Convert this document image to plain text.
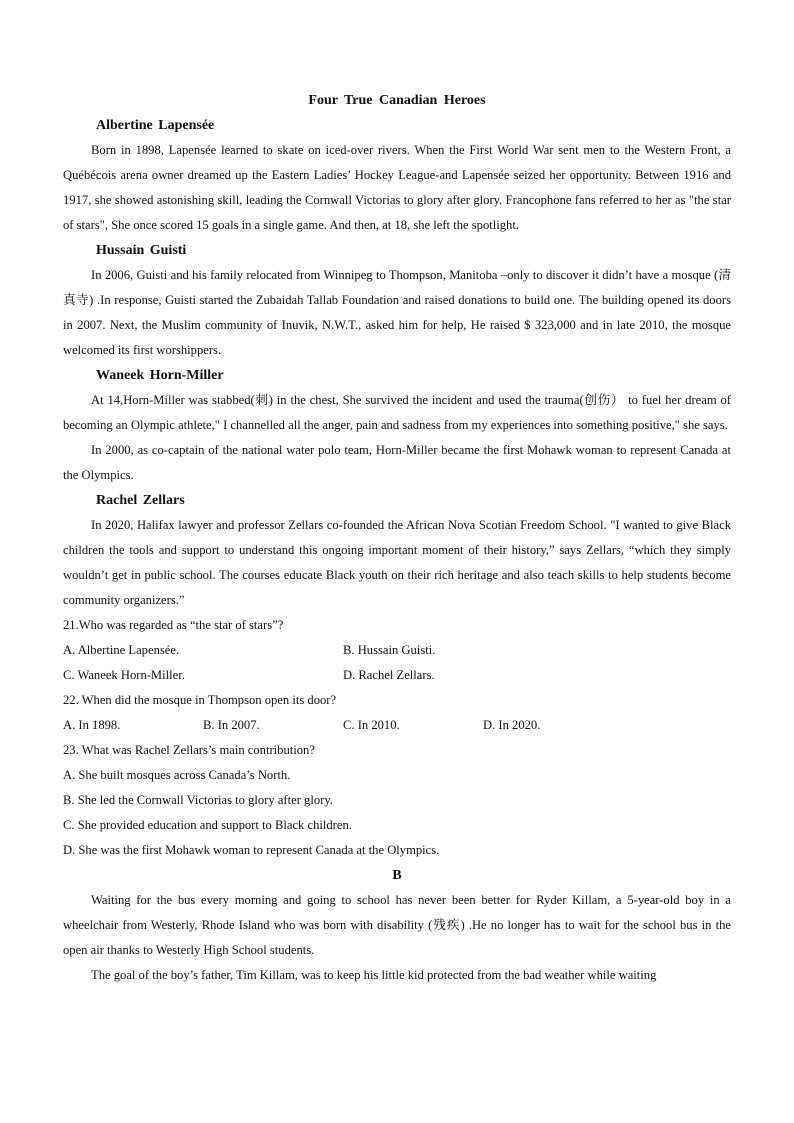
Four True Canadian Heroes
Albertine Lapensée
Born in 1898, Lapensée learned to skate on iced-over rivers. When the First World War sent men to the Western Front, a Québécois arena owner dreamed up the Eastern Ladies’ Hockey League-and Lapensée seized her opportunity. Between 1916 and 1917, she showed astonishing skill, leading the Cornwall Victorias to glory after glory. Francophone fans referred to her as "the star of stars", She once scored 15 goals in a single game. And then, at 18, she left the spotlight.
Hussain Guisti
In 2006, Guisti and his family relocated from Winnipeg to Thompson, Manitoba –only to discover it didn’t have a mosque (清真寺) .In response, Guisti started the Zubaidah Tallab Foundation and raised donations to build one. The building opened its doors in 2007. Next, the Muslim community of Inuvik, N.W.T., asked him for help, He raised $ 323,000 and in late 2010, the mosque welcomed its first worshippers.
Waneek Horn-Miller
At 14,Horn-Miller was stabbed(刺) in the chest, She survived the incident and used the trauma(创伤） to fuel her dream of becoming an Olympic athlete," I channelled all the anger, pain and sadness from my experiences into something positive," she says.
In 2000, as co-captain of the national water polo team, Horn-Miller became the first Mohawk woman to represent Canada at the Olympics.
Rachel Zellars
In 2020, Halifax lawyer and professor Zellars co-founded the African Nova Scotian Freedom School. "I wanted to give Black children the tools and support to understand this ongoing important moment of their history,” says Zellars, “which they simply wouldn’t get in public school. The courses educate Black youth on their rich heritage and also teach skills to help students become community organizers.”
21.Who was regarded as “the star of stars”?
A. Albertine Lapensée.	B. Hussain Guisti.
C. Waneek Horn-Miller.	D. Rachel Zellars.
22. When did the mosque in Thompson open its door?
A. In 1898.	B. In 2007.	C. In 2010.	D. In 2020.
23. What was Rachel Zellars’s main contribution?
A. She built mosques across Canada’s North.
B. She led the Cornwall Victorias to glory after glory.
C. She provided education and support to Black children.
D. She was the first Mohawk woman to represent Canada at the Olympics.
B
Waiting for the bus every morning and going to school has never been better for Ryder Killam, a 5-year-old boy in a wheelchair from Westerly, Rhode Island who was born with disability (残疾) .He no longer has to wait for the school bus in the open air thanks to Westerly High School students.
The goal of the boy’s father, Tim Killam, was to keep his little kid protected from the bad weather while waiting
